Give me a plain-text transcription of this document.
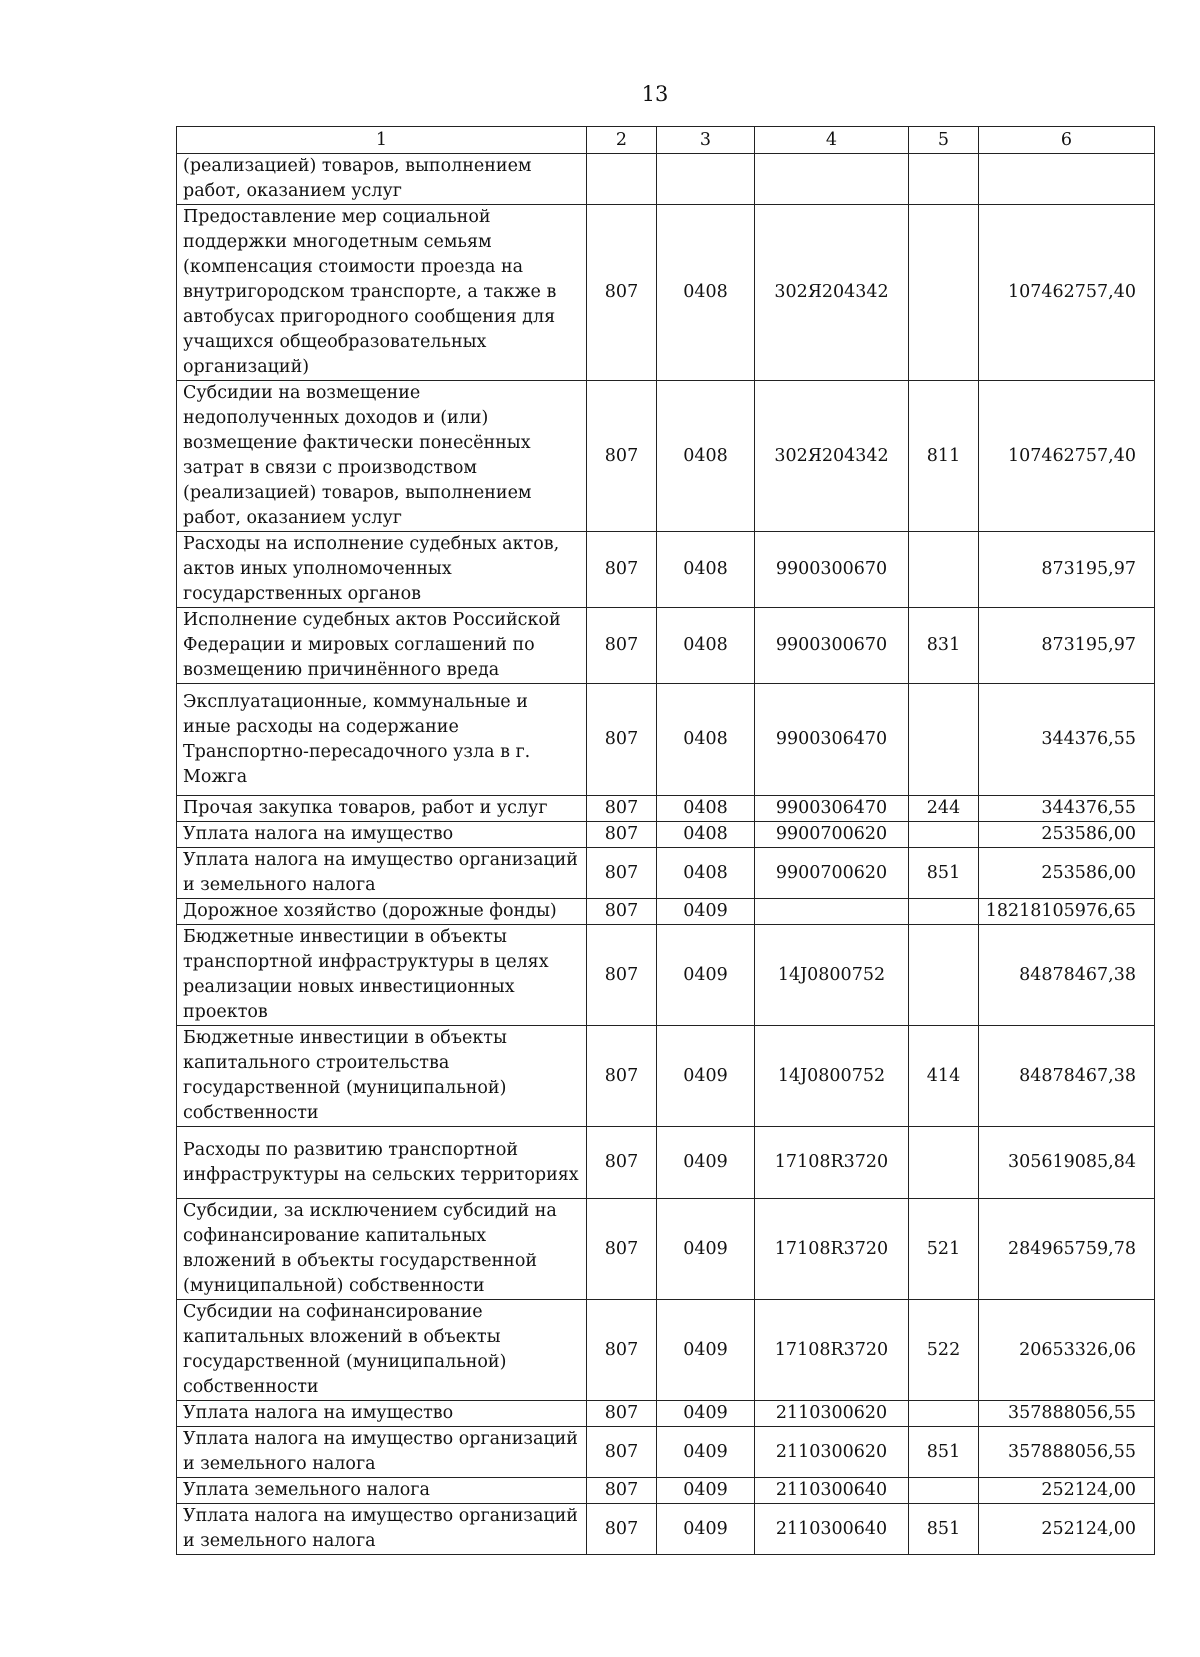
13
1	2	3	4	5	6
(реализацией) товаров, выполнением работ, оказанием услуг					
Предоставление мер социальной поддержки многодетным семьям (компенсация стоимости проезда на внутригородском транспорте, а также в автобусах пригородного сообщения для учащихся общеобразовательных организаций)	807	0408	302Я204342		107462757,40
Субсидии на возмещение недополученных доходов и (или) возмещение фактически понесённых затрат в связи с производством (реализацией) товаров, выполнением работ, оказанием услуг	807	0408	302Я204342	811	107462757,40
Расходы на исполнение судебных актов, актов иных уполномоченных государственных органов	807	0408	9900300670		873195,97
Исполнение судебных актов Российской Федерации и мировых соглашений по возмещению причинённого вреда	807	0408	9900300670	831	873195,97
Эксплуатационные, коммунальные и иные расходы на содержание Транспортно-пересадочного узла в г. Можга	807	0408	9900306470		344376,55
Прочая закупка товаров, работ и услуг	807	0408	9900306470	244	344376,55
Уплата налога на имущество	807	0408	9900700620		253586,00
Уплата налога на имущество организаций и земельного налога	807	0408	9900700620	851	253586,00
Дорожное хозяйство (дорожные фонды)	807	0409			18218105976,65
Бюджетные инвестиции в объекты транспортной инфраструктуры в целях реализации новых инвестиционных проектов	807	0409	14J0800752		84878467,38
Бюджетные инвестиции в объекты капитального строительства государственной (муниципальной) собственности	807	0409	14J0800752	414	84878467,38
Расходы по развитию транспортной инфраструктуры на сельских территориях	807	0409	17108R3720		305619085,84
Субсидии, за исключением субсидий на софинансирование капитальных вложений в объекты государственной (муниципальной) собственности	807	0409	17108R3720	521	284965759,78
Субсидии на софинансирование капитальных вложений в объекты государственной (муниципальной) собственности	807	0409	17108R3720	522	20653326,06
Уплата налога на имущество	807	0409	2110300620		357888056,55
Уплата налога на имущество организаций и земельного налога	807	0409	2110300620	851	357888056,55
Уплата земельного налога	807	0409	2110300640		252124,00
Уплата налога на имущество организаций и земельного налога	807	0409	2110300640	851	252124,00
